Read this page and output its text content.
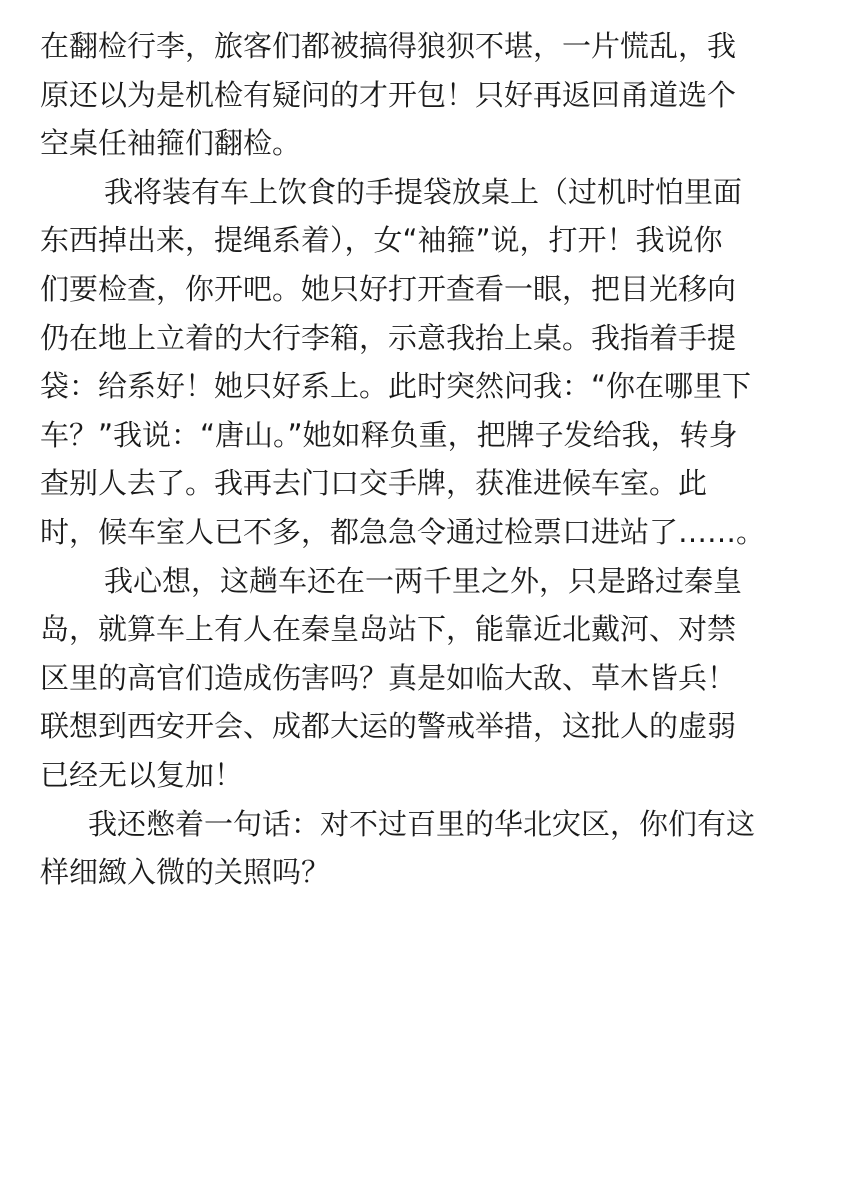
在翻检行李，旅客们都被搞得狼狈不堪，一片慌乱，我
原还以为是机检有疑问的才开包！只好再返回甬道选个
空桌任袖箍们翻检。
我将装有车上饮食的手提袋放桌上（过机时怕里面
东西掉出来，提绳系着），女“袖箍”说，打开！我说你
们要检查，你开吧。她只好打开查看一眼，把目光移向
仍在地上立着的大行李箱，示意我抬上桌。我指着手提
袋：给系好！她只好系上。此时突然问我：“你在哪里下
车？”我说：“唐山。”她如释负重，把牌子发给我，转身
查别人去了。我再去门口交手牌，获准进候车室。此
时，候车室人已不多，都急急令通过检票口进站了……。
我心想，这趟车还在一两千里之外，只是路过秦皇
岛，就算车上有人在秦皇岛站下，能靠近北戴河、对禁
区里的高官们造成伤害吗？真是如临大敌、草木皆兵！
联想到西安开会、成都大运的警戒举措，这批人的虚弱
已经无以复加！
我还憋着一句话：对不过百里的华北灾区，你们有这
样细緻入微的关照吗？
